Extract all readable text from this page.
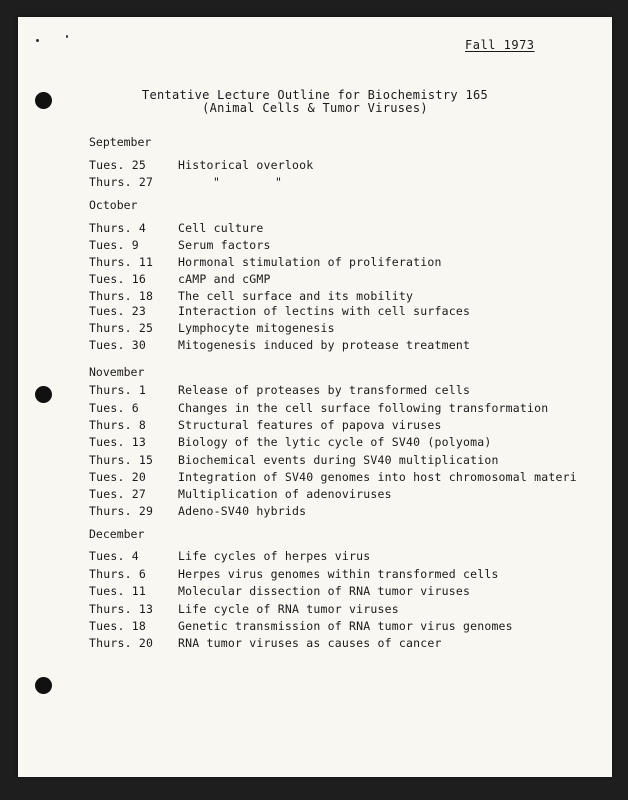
Fall 1973
Tentative Lecture Outline for Biochemistry 165
(Animal Cells & Tumor Viruses)
September
Tues. 25	Historical overlook
Thurs. 27	"	"
October
Thurs. 4	Cell culture
Tues. 9	Serum factors
Thurs. 11 Hormonal stimulation of proliferation
Tues. 16	cAMP and cGMP
Thurs. 18 The cell surface and its mobility
Tues. 23	Interaction of lectins with cell surfaces
Thurs. 25 Lymphocyte mitogenesis
Tues. 30	Mitogenesis induced by protease treatment
November
Thurs. 1	Release of proteases by transformed cells
Tues. 6	Changes in the cell surface following transformation
Thurs. 8	Structural features of papova viruses
Tues. 13	Biology of the lytic cycle of SV40 (polyoma)
Thurs. 15 Biochemical events during SV40 multiplication
Tues. 20	Integration of SV40 genomes into host chromosomal materi
Tues. 27	Multiplication of adenoviruses
Thurs. 29 Adeno-SV40 hybrids
December
Tues. 4	Life cycles of herpes virus
Thurs. 6	Herpes virus genomes within transformed cells
Tues. 11	Molecular dissection of RNA tumor viruses
Thurs. 13 Life cycle of RNA tumor viruses
Tues. 18	Genetic transmission of RNA tumor virus genomes
Thurs. 20 RNA tumor viruses as causes of cancer
